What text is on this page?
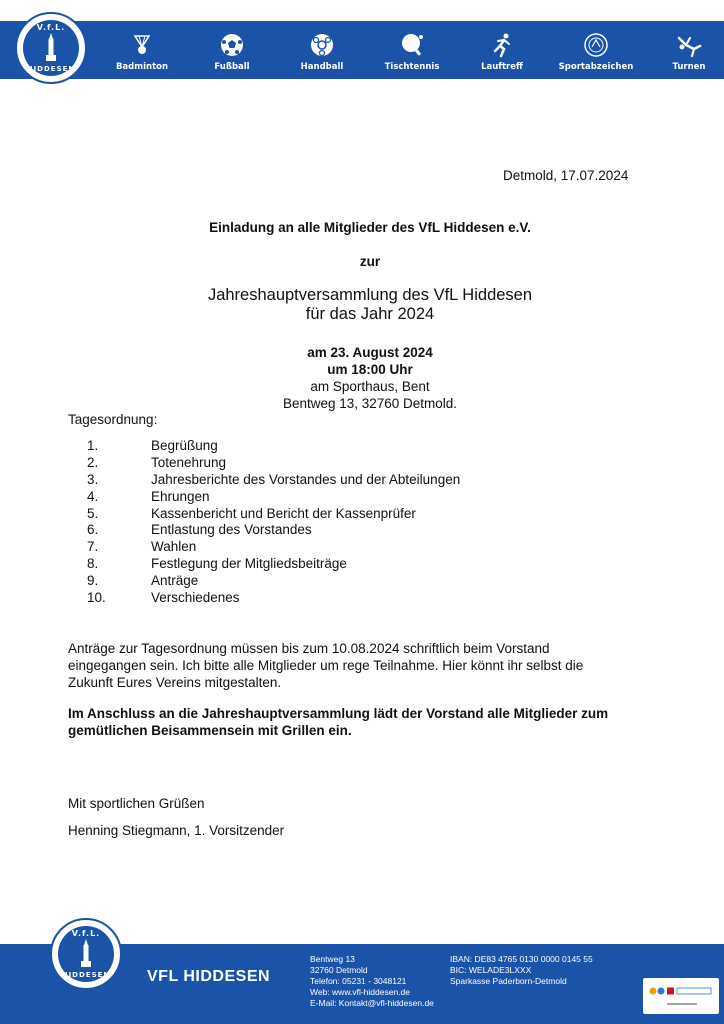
Badminton	Fußball	Handball	Tischtennis	Lauftreff	Sportabzeichen	Turnen
V.f.L.
HIDDESEN
Detmold, 17.07.2024
Einladung an alle Mitglieder des VfL Hiddesen e.V.
zur
Jahreshauptversammlung des VfL Hiddesen
für das Jahr 2024
am 23. August 2024
um 18:00 Uhr
am Sporthaus, Bent
Bentweg 13, 32760 Detmold.
Tagesordnung:
1.	Begrüßung
2.	Totenehrung
3.	Jahresberichte des Vorstandes und der Abteilungen
4.	Ehrungen
5.	Kassenbericht und Bericht der Kassenprüfer
6.	Entlastung des Vorstandes
7.	Wahlen
8.	Festlegung der Mitgliedsbeiträge
9.	Anträge
10.	Verschiedenes
Anträge zur Tagesordnung müssen bis zum 10.08.2024 schriftlich beim Vorstand
eingegangen sein. Ich bitte alle Mitglieder um rege Teilnahme. Hier könnt ihr selbst die
Zukunft Eures Vereins mitgestalten.
Im Anschluss an die Jahreshauptversammlung lädt der Vorstand alle Mitglieder zum
gemütlichen Beisammensein mit Grillen ein.
Mit sportlichen Grüßen
Henning Stiegmann, 1. Vorsitzender
VFL HIDDESEN
Bentweg 13
32760 Detmold
Telefon: 05231 - 3048121
Web: www.vfl-hiddesen.de
E-Mail: Kontakt@vfl-hiddesen.de
IBAN: DE83 4765 0130 0000 0145 55
BIC: WELADE3LXXX
Sparkasse Paderborn-Detmold
V.f.L.
HIDDESEN
